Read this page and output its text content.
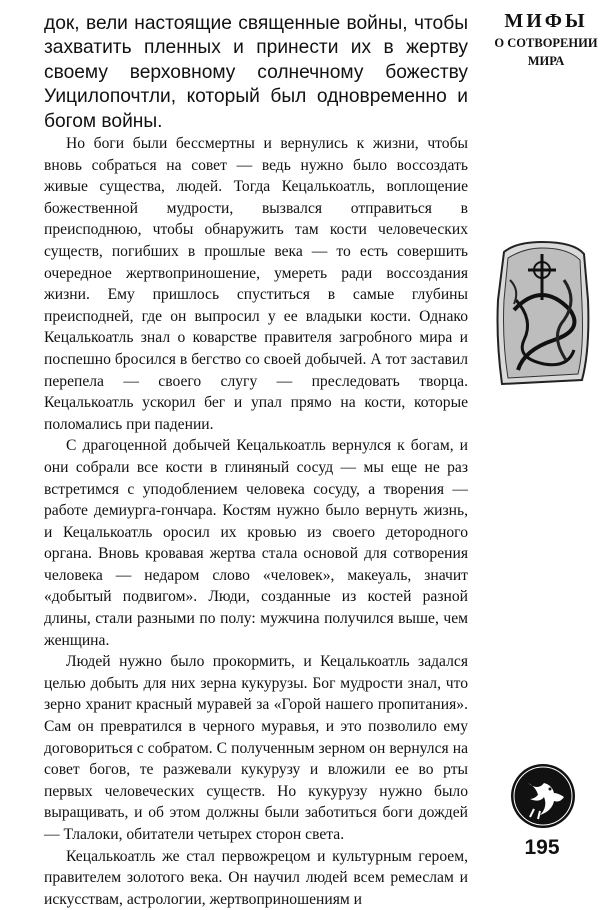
МИФЫ
О СОТВОРЕНИИ
МИРА

док, вели настоящие священные войны, чтобы захватить пленных и принести их в жертву своему верховному солнечному божеству Уицилопочтли, который был одновременно и богом войны.

Но боги были бессмертны и вернулись к жизни, чтобы вновь собраться на совет — ведь нужно было воссоздать живые существа, людей. Тогда Кецалькоатль, воплощение божественной мудрости, вызвался отправиться в преисподнюю, чтобы обнаружить там кости человеческих существ, погибших в прошлые века — то есть совершить очередное жертвоприношение, умереть ради воссоздания жизни. Ему пришлось спуститься в самые глубины преисподней, где он выпросил у ее владыки кости. Однако Кецалькоатль знал о коварстве правителя загробного мира и поспешно бросился в бегство со своей добычей. А тот заставил перепела — своего слугу — преследовать творца. Кецалькоатль ускорил бег и упал прямо на кости, которые поломались при падении.

С драгоценной добычей Кецалькоатль вернулся к богам, и они собрали все кости в глиняный сосуд — мы еще не раз встретимся с уподоблением человека сосуду, а творения — работе демиурга-гончара. Костям нужно было вернуть жизнь, и Кецалькоатль оросил их кровью из своего детородного органа. Вновь кровавая жертва стала основой для сотворения человека — недаром слово «человек», макеуаль, значит «добытый подвигом». Люди, созданные из костей разной длины, стали разными по полу: мужчина получился выше, чем женщина.

Людей нужно было прокормить, и Кецалькоатль задался целью добыть для них зерна кукурузы. Бог мудрости знал, что зерно хранит красный муравей за «Горой нашего пропитания». Сам он превратился в черного муравья, и это позволило ему договориться с собратом. С полученным зерном он вернулся на совет богов, те разжевали кукурузу и вложили ее во рты первых человеческих существ. Но кукурузу нужно было выращивать, и об этом должны были заботиться боги дождей — Тлалоки, обитатели четырех сторон света.

Кецалькоатль же стал первожрецом и культурным героем, правителем золотого века. Он научил людей всем ремеслам и искусствам, астрологии, жертвоприношениям и

195
